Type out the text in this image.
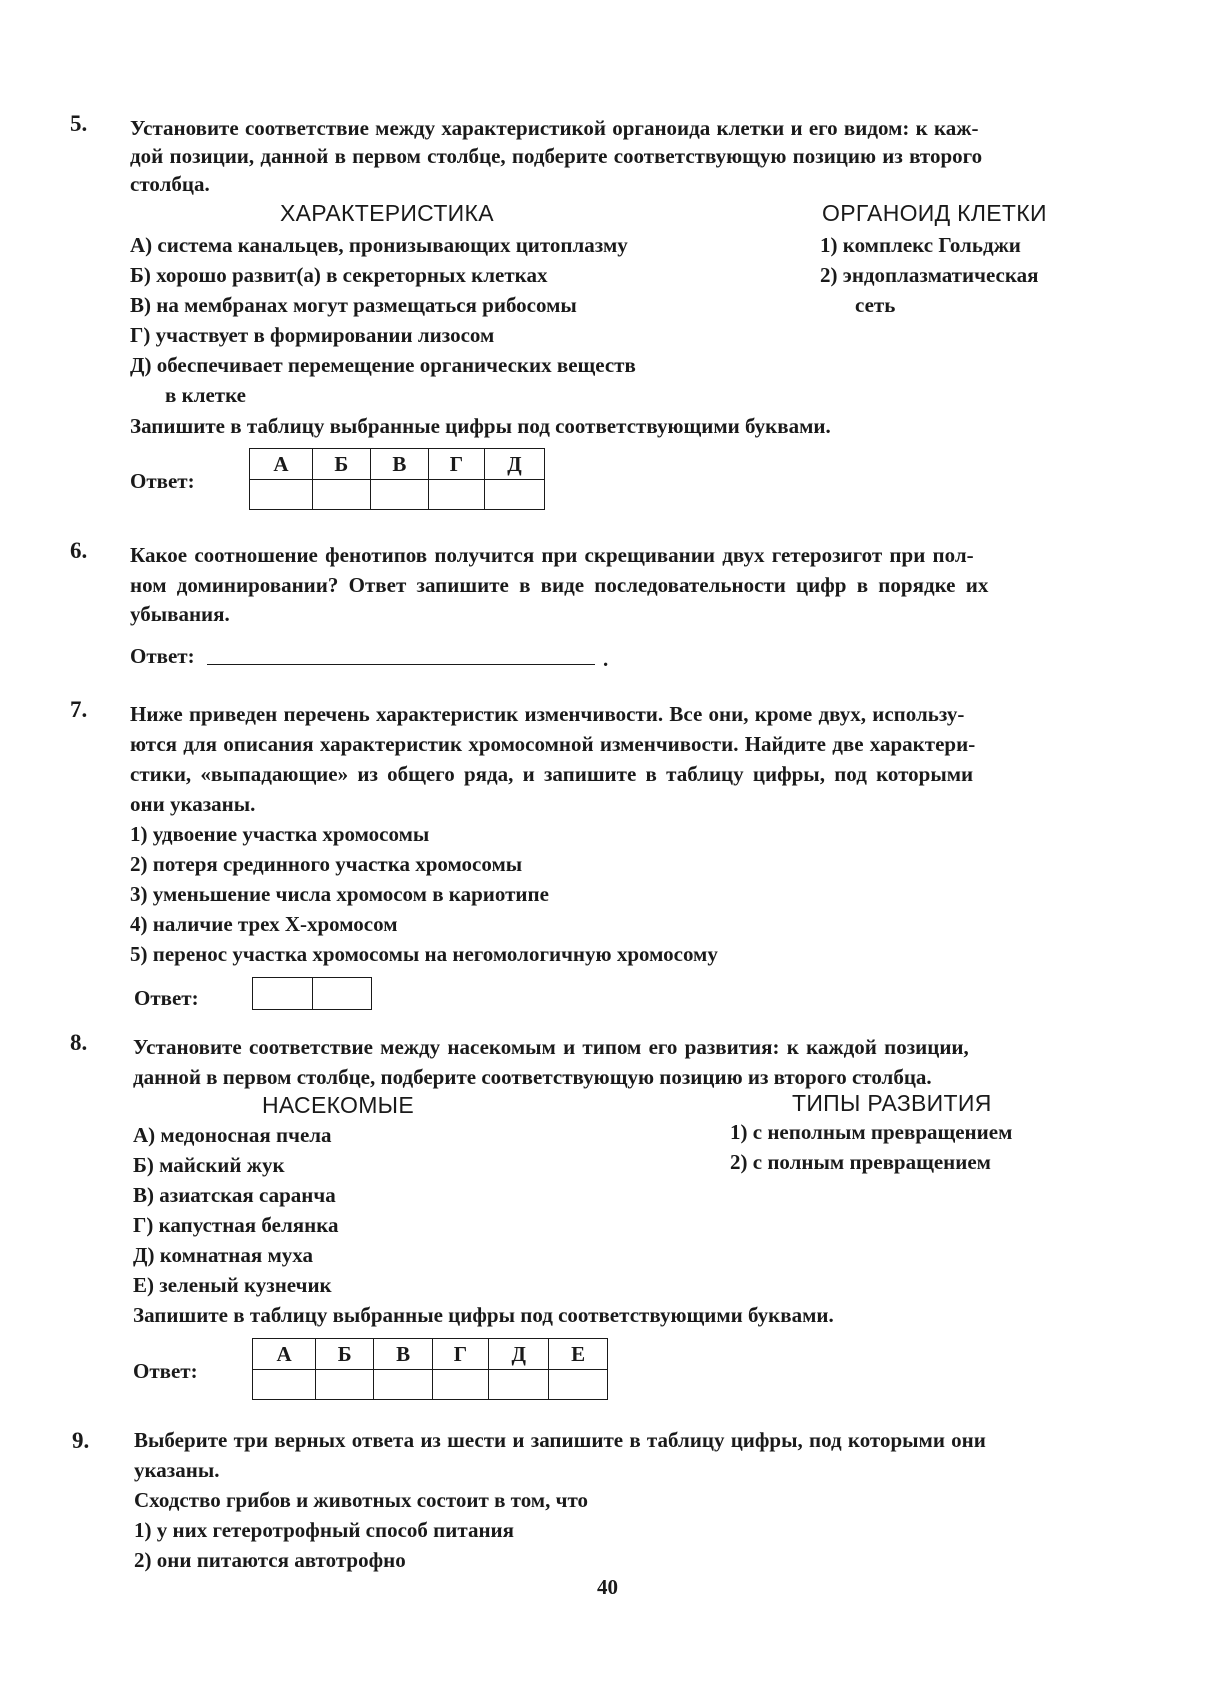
5. Установите соответствие между характеристикой органоида клетки и его видом: к каж-
дой позиции, данной в первом столбце, подберите соответствующую позицию из второго
столбца.
ХАРАКТЕРИСТИКА	ОРГАНОИД КЛЕТКИ
А) система канальцев, пронизывающих цитоплазму
Б) хорошо развит(а) в секреторных клетках
В) на мембранах могут размещаться рибосомы
Г) участвует в формировании лизосом
Д) обеспечивает перемещение органических веществ
в клетке
1) комплекс Гольджи
2) эндоплазматическая
сеть
Запишите в таблицу выбранные цифры под соответствующими буквами.
Ответ:
А	Б	В	Г	Д

6. Какое соотношение фенотипов получится при скрещивании двух гетерозигот при пол-
ном доминировании? Ответ запишите в виде последовательности цифр в порядке их
убывания.
Ответ:	.
7. Ниже приведен перечень характеристик изменчивости. Все они, кроме двух, использу-
ются для описания характеристик хромосомной изменчивости. Найдите две характери-
стики, «выпадающие» из общего ряда, и запишите в таблицу цифры, под которыми
они указаны.
1) удвоение участка хромосомы
2) потеря срединного участка хромосомы
3) уменьшение числа хромосом в кариотипе
4) наличие трех Х-хромосом
5) перенос участка хромосомы на негомологичную хромосому
Ответ:

8. Установите соответствие между насекомым и типом его развития: к каждой позиции,
данной в первом столбце, подберите соответствующую позицию из второго столбца.
НАСЕКОМЫЕ	ТИПЫ РАЗВИТИЯ
А) медоносная пчела
Б) майский жук
В) азиатская саранча
Г) капустная белянка
Д) комнатная муха
Е) зеленый кузнечик
1) с неполным превращением
2) с полным превращением
Запишите в таблицу выбранные цифры под соответствующими буквами.
Ответ:
А	Б	В	Г	Д	Е

9. Выберите три верных ответа из шести и запишите в таблицу цифры, под которыми они
указаны.
Сходство грибов и животных состоит в том, что
1) у них гетеротрофный способ питания
2) они питаются автотрофно
40
